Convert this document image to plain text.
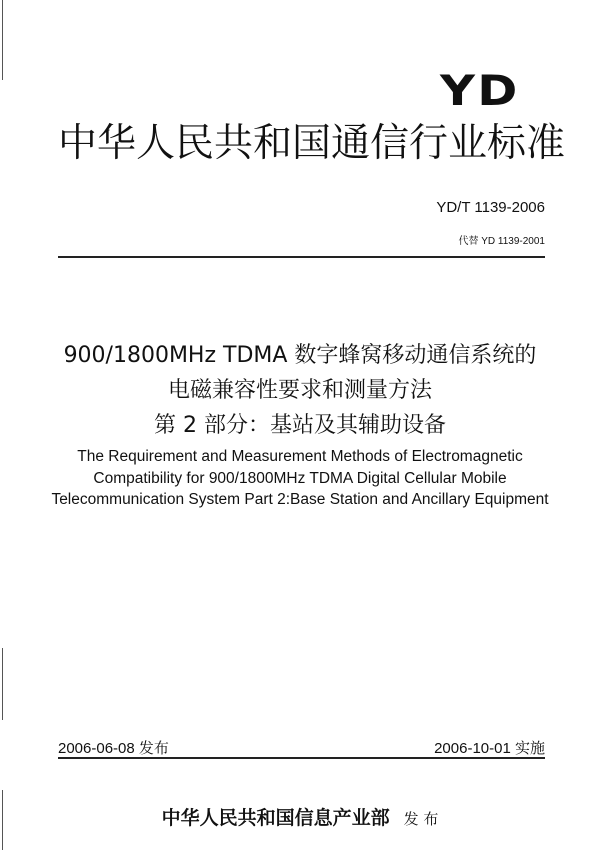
YD
中华人民共和国通信行业标准
YD/T 1139-2006
代替 YD 1139-2001
900/1800MHz TDMA 数字蜂窝移动通信系统的
电磁兼容性要求和测量方法
第 2 部分：基站及其辅助设备
The Requirement and Measurement Methods of Electromagnetic
Compatibility for 900/1800MHz TDMA Digital Cellular Mobile
Telecommunication System Part 2:Base Station and Ancillary Equipment
2006-06-08 发布	2006-10-01 实施
中华人民共和国信息产业部 发 布
